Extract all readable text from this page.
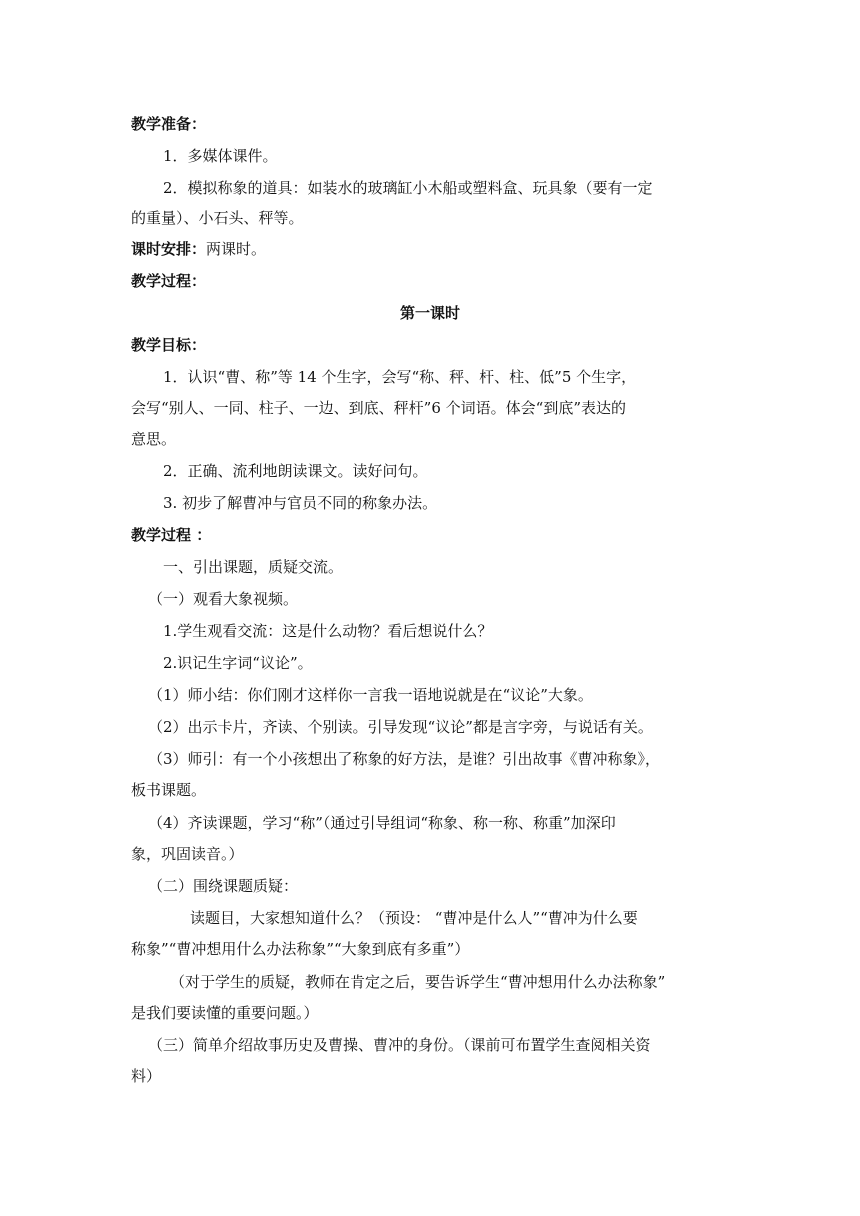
教学准备：

1．多媒体课件。

2．模拟称象的道具：如装水的玻璃缸小木船或塑料盒、玩具象（要有一定

的重量）、小石头、秤等。

课时安排：两课时。

教学过程：

第一课时

教学目标：

1．认识“曹、称”等 14 个生字，会写“称、秤、杆、柱、低”5 个生字，

会写“别人、一同、柱子、一边、到底、秤杆”6 个词语。体会“到底”表达的

意思。

2．正确、流利地朗读课文。读好问句。

3. 初步了解曹冲与官员不同的称象办法。

教学过程 ：

一、引出课题，质疑交流。

（一）观看大象视频。

1.学生观看交流：这是什么动物？看后想说什么？

2.识记生字词“议论”。

（1）师小结：你们刚才这样你一言我一语地说就是在“议论”大象。

（2）出示卡片，齐读、个别读。引导发现“议论”都是言字旁，与说话有关。

（3）师引：有一个小孩想出了称象的好方法，是谁？引出故事《曹冲称象》，

板书课题。

（4）齐读课题，学习“称”（通过引导组词“称象、称一称、称重”加深印

象，巩固读音。）

（二）围绕课题质疑：

读题目，大家想知道什么？（预设： “曹冲是什么人”“曹冲为什么要

称象”“曹冲想用什么办法称象”“大象到底有多重”）

（对于学生的质疑，教师在肯定之后，要告诉学生“曹冲想用什么办法称象”

是我们要读懂的重要问题。）

（三）简单介绍故事历史及曹操、曹冲的身份。（课前可布置学生查阅相关资

料）
